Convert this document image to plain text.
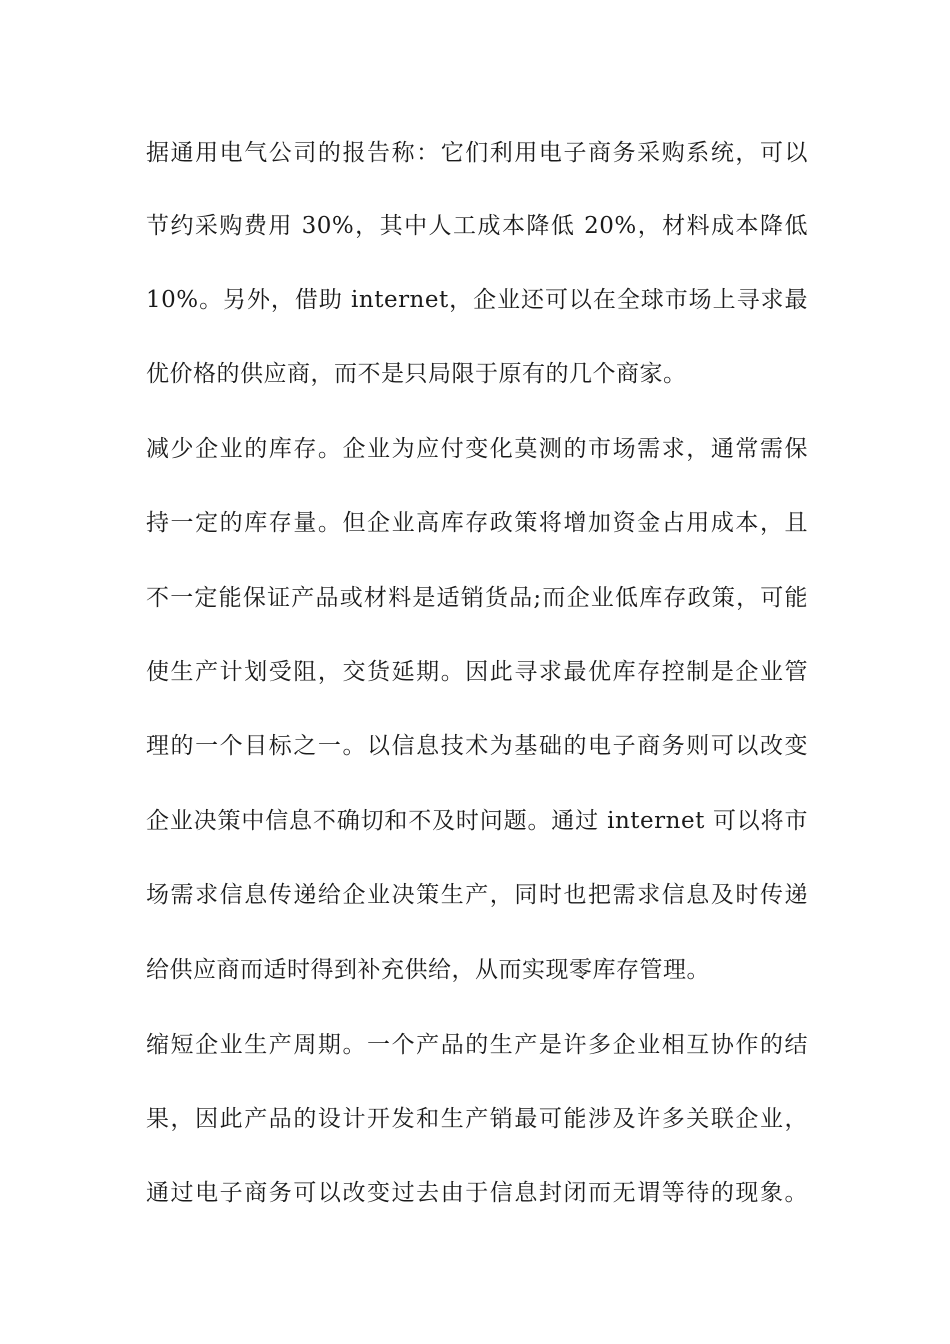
据通用电气公司的报告称：它们利用电子商务采购系统，可以
节约采购费用 30%，其中人工成本降低 20%，材料成本降低
10%。另外，借助 internet，企业还可以在全球市场上寻求最
优价格的供应商，而不是只局限于原有的几个商家。
减少企业的库存。企业为应付变化莫测的市场需求，通常需保
持一定的库存量。但企业高库存政策将增加资金占用成本，且
不一定能保证产品或材料是适销货品;而企业低库存政策，可能
使生产计划受阻，交货延期。因此寻求最优库存控制是企业管
理的一个目标之一。以信息技术为基础的电子商务则可以改变
企业决策中信息不确切和不及时问题。通过 internet 可以将市
场需求信息传递给企业决策生产，同时也把需求信息及时传递
给供应商而适时得到补充供给，从而实现零库存管理。
缩短企业生产周期。一个产品的生产是许多企业相互协作的结
果，因此产品的设计开发和生产销最可能涉及许多关联企业，
通过电子商务可以改变过去由于信息封闭而无谓等待的现象。
